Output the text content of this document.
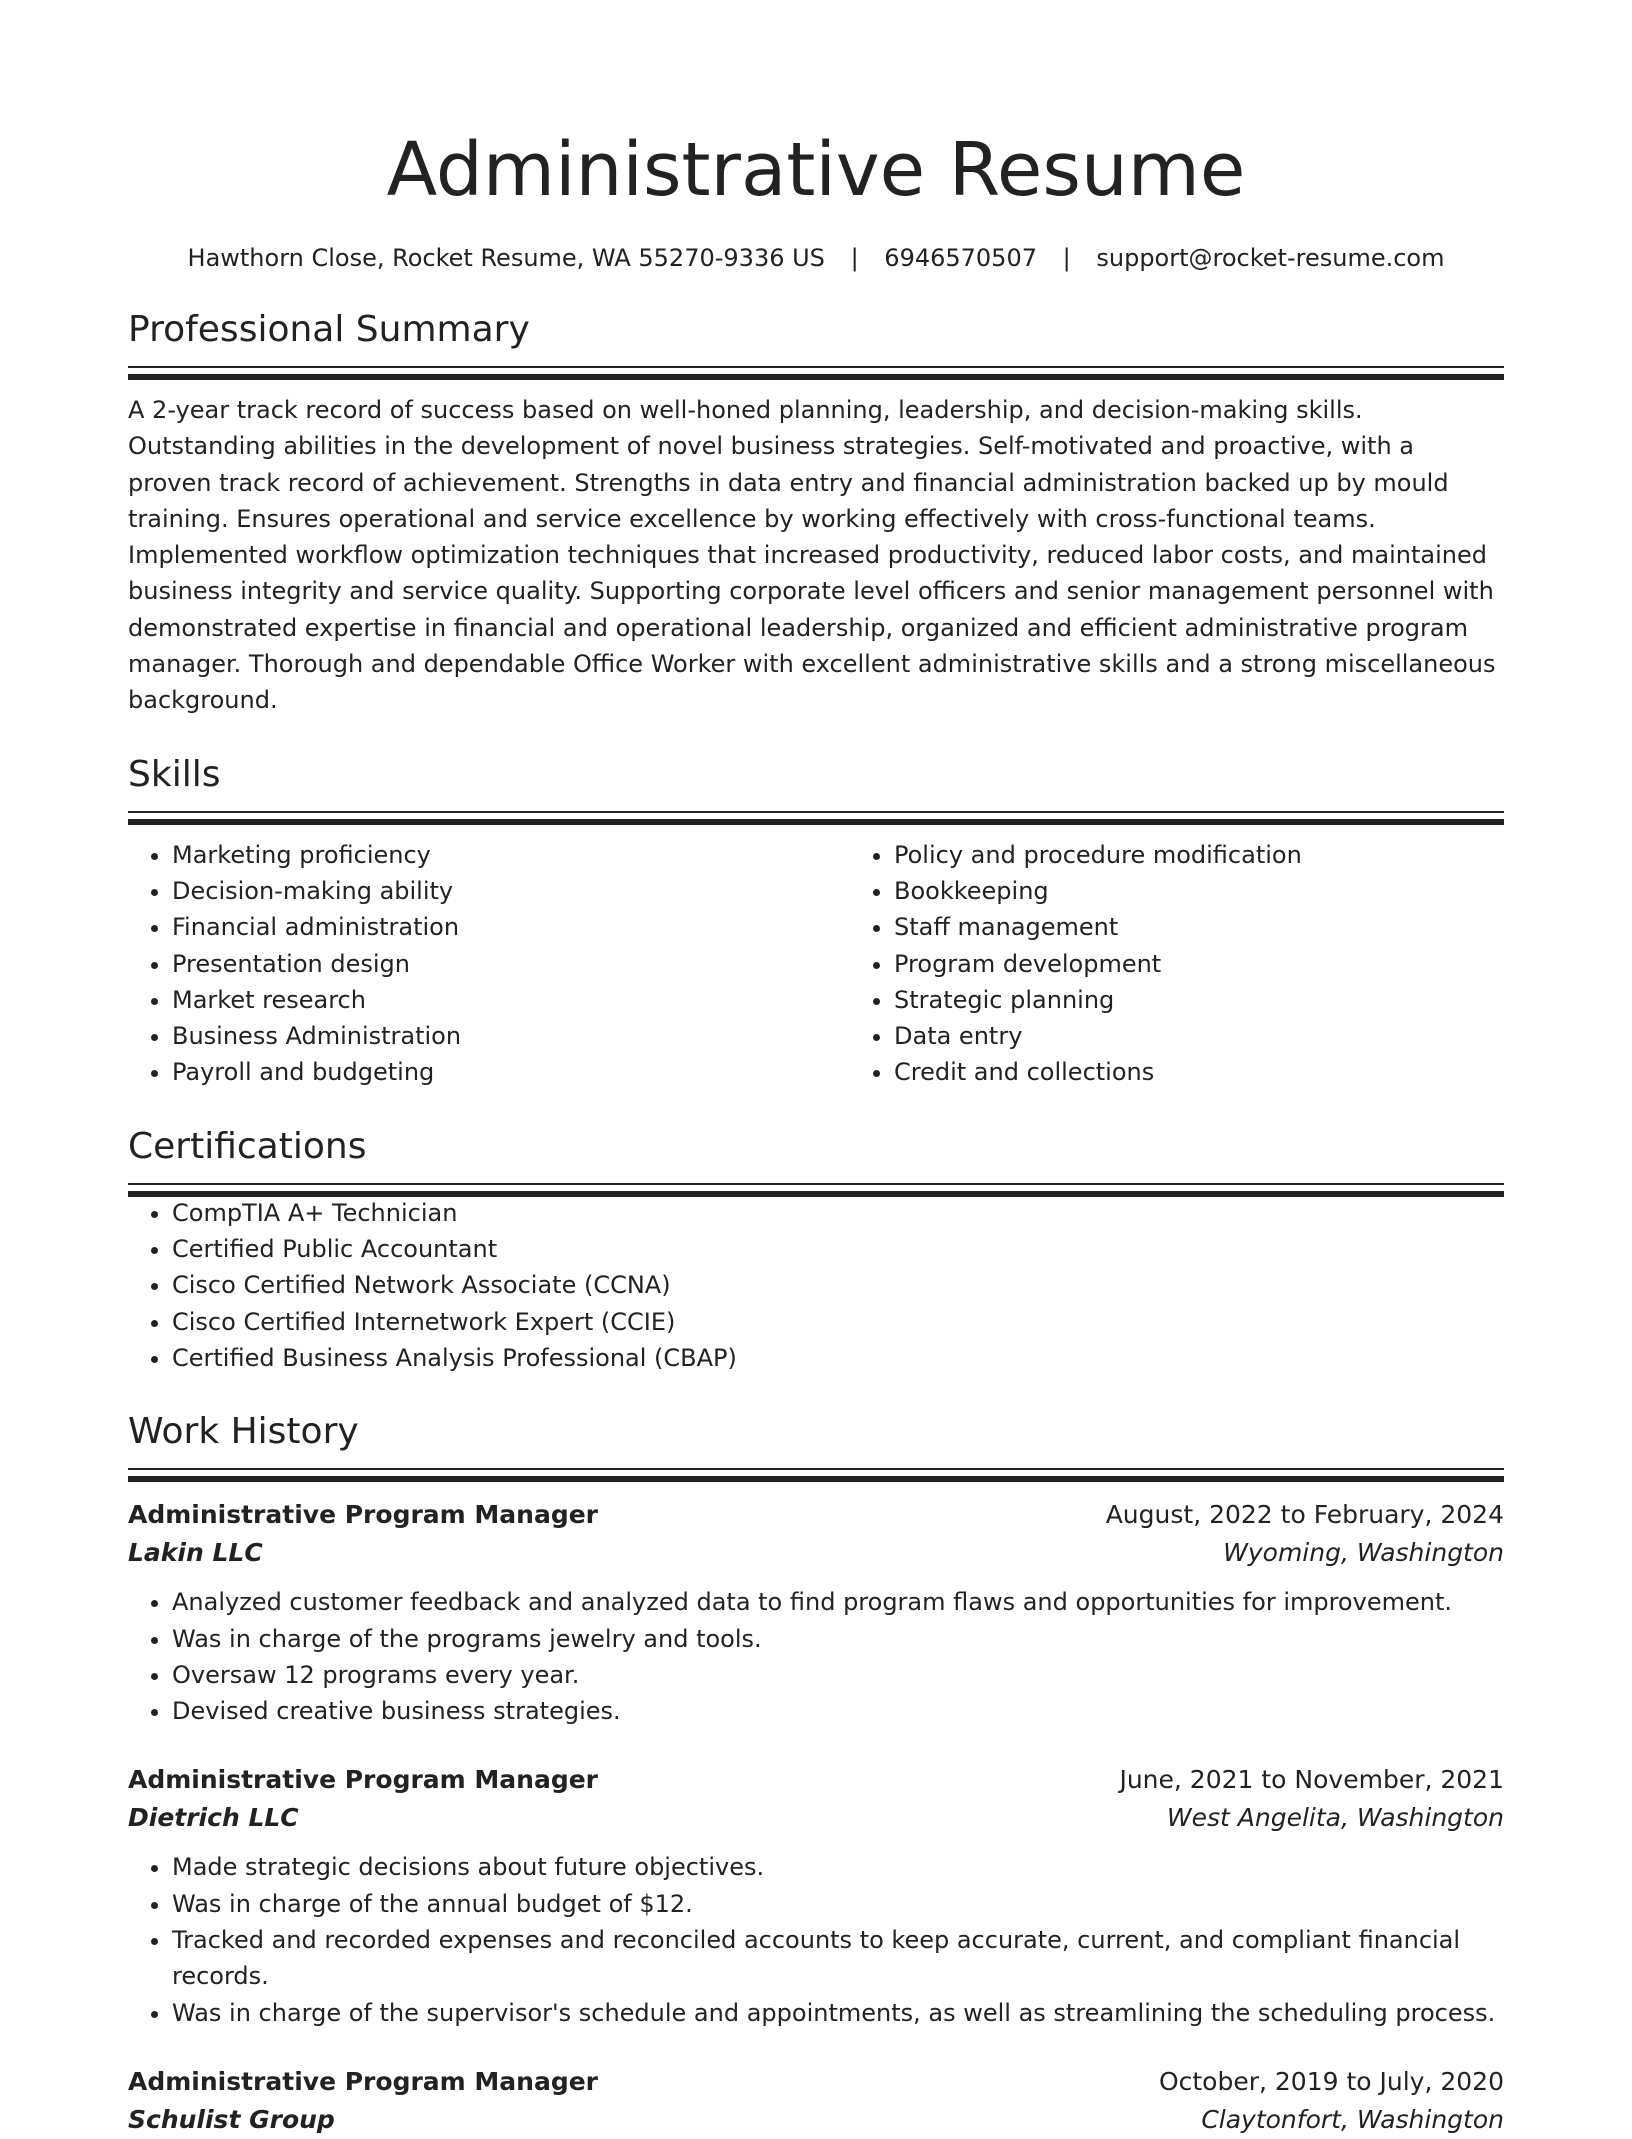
Administrative Resume
Hawthorn Close, Rocket Resume, WA 55270-9336 US | 6946570507 | support@rocket-resume.com
Professional Summary
A 2-year track record of success based on well-honed planning, leadership, and decision-making skills. Outstanding abilities in the development of novel business strategies. Self-motivated and proactive, with a proven track record of achievement. Strengths in data entry and financial administration backed up by mould training. Ensures operational and service excellence by working effectively with cross-functional teams. Implemented workflow optimization techniques that increased productivity, reduced labor costs, and maintained business integrity and service quality. Supporting corporate level officers and senior management personnel with demonstrated expertise in financial and operational leadership, organized and efficient administrative program manager. Thorough and dependable Office Worker with excellent administrative skills and a strong miscellaneous background.
Skills
• Marketing proficiency
• Decision-making ability
• Financial administration
• Presentation design
• Market research
• Business Administration
• Payroll and budgeting
• Policy and procedure modification
• Bookkeeping
• Staff management
• Program development
• Strategic planning
• Data entry
• Credit and collections
Certifications
• CompTIA A+ Technician
• Certified Public Accountant
• Cisco Certified Network Associate (CCNA)
• Cisco Certified Internetwork Expert (CCIE)
• Certified Business Analysis Professional (CBAP)
Work History
Administrative Program Manager	August, 2022 to February, 2024
Lakin LLC	Wyoming, Washington
• Analyzed customer feedback and analyzed data to find program flaws and opportunities for improvement.
• Was in charge of the programs jewelry and tools.
• Oversaw 12 programs every year.
• Devised creative business strategies.
Administrative Program Manager	June, 2021 to November, 2021
Dietrich LLC	West Angelita, Washington
• Made strategic decisions about future objectives.
• Was in charge of the annual budget of $12.
• Tracked and recorded expenses and reconciled accounts to keep accurate, current, and compliant financial records.
• Was in charge of the supervisor's schedule and appointments, as well as streamlining the scheduling process.
Administrative Program Manager	October, 2019 to July, 2020
Schulist Group	Claytonfort, Washington
